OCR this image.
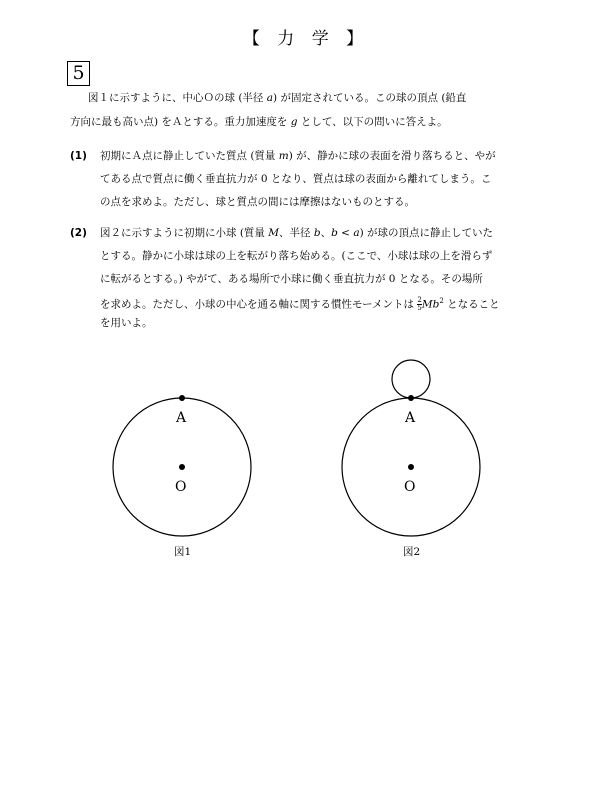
【 力 学 】
5
図１に示すように、中心Ｏの球 (半径 a) が固定されている。この球の頂点 (鉛直
方向に最も高い点) をＡとする。重力加速度を g として、以下の問いに答えよ。
(1) 初期にＡ点に静止していた質点 (質量 m) が、静かに球の表面を滑り落ちると、やが
てある点で質点に働く垂直抗力が 0 となり、質点は球の表面から離れてしまう。こ
の点を求めよ。ただし、球と質点の間には摩擦はないものとする。
(2) 図２に示すように初期に小球 (質量 M、半径 b、b < a) が球の頂点に静止していた
とする。静かに小球は球の上を転がり落ち始める。(ここで、小球は球の上を滑らず
に転がるとする。) やがて、ある場所で小球に働く垂直抗力が 0 となる。その場所
を求めよ。ただし、小球の中心を通る軸に関する慣性モーメントは $\frac{2}{5} Mb^2$ となること
を用いよ。
A
O
図1
A
O
図2
